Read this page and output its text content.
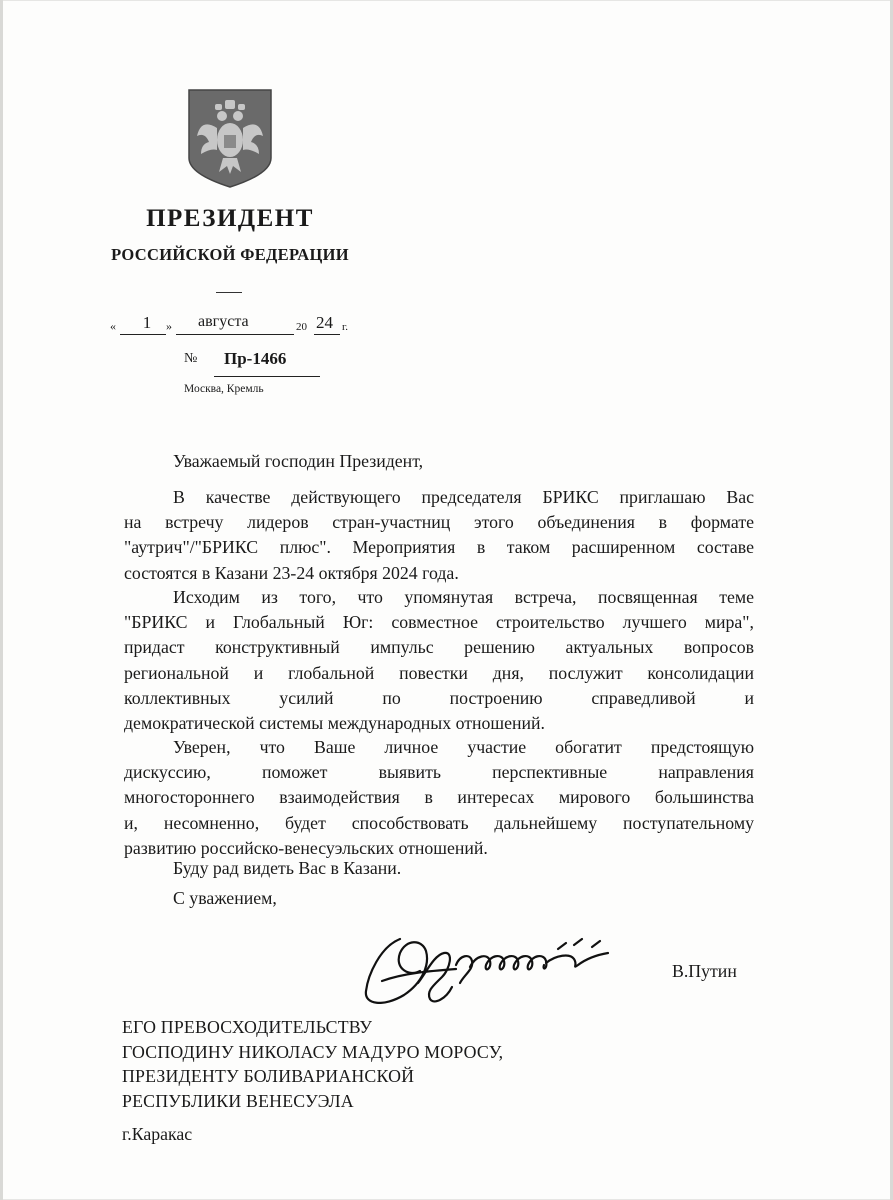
ПРЕЗИДЕНТ
РОССИЙСКОЙ ФЕДЕРАЦИИ
«	1	» августа	20 24 г.
№ Пр-1466
Москва, Кремль
Уважаемый господин Президент,
В качестве действующего председателя БРИКС приглашаю Вас
на встречу лидеров стран-участниц этого объединения в формате
"аутрич"/"БРИКС плюс". Мероприятия в таком расширенном составе
состоятся в Казани 23-24 октября 2024 года.
Исходим из того, что упомянутая встреча, посвященная теме
"БРИКС и Глобальный Юг: совместное строительство лучшего мира",
придаст конструктивный импульс решению актуальных вопросов
региональной и глобальной повестки дня, послужит консолидации
коллективных усилий по построению справедливой и
демократической системы международных отношений.
Уверен, что Ваше личное участие обогатит предстоящую
дискуссию, поможет выявить перспективные направления
многостороннего взаимодействия в интересах мирового большинства
и, несомненно, будет способствовать дальнейшему поступательному
развитию российско-венесуэльских отношений.
Буду рад видеть Вас в Казани.
С уважением,
В.Путин
ЕГО ПРЕВОСХОДИТЕЛЬСТВУ
ГОСПОДИНУ НИКОЛАСУ МАДУРО МОРОСУ,
ПРЕЗИДЕНТУ БОЛИВАРИАНСКОЙ
РЕСПУБЛИКИ ВЕНЕСУЭЛА
г.Каракас
